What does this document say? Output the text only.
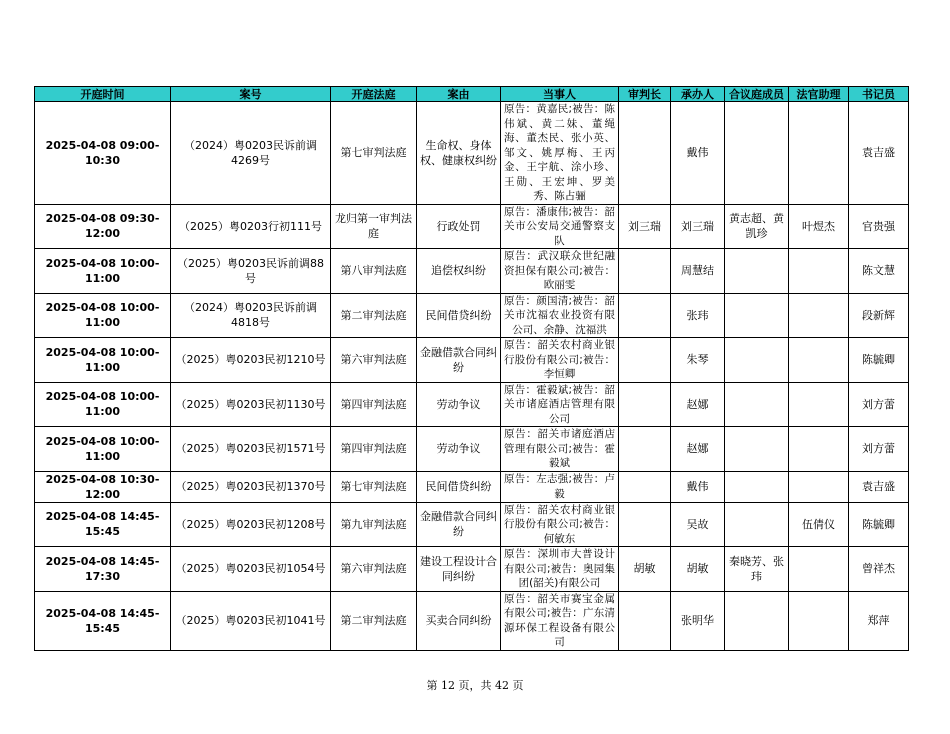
开庭时间	案号	开庭法庭	案由	当事人	审判长	承办人	合议庭成员	法官助理	书记员
2025-04-08 09:00-10:30	（2024）粤0203民诉前调4269号	第七审判法庭	生命权、身体权、健康权纠纷	原告：黄嘉民;被告：陈伟斌、黄二妹、董绳海、董杰民、张小英、邹文、姚厚梅、王丙金、王宇航、涂小珍、王勋、王宏坤、罗美秀、陈占骊		戴伟			袁吉盛
2025-04-08 09:30-12:00	（2025）粤0203行初111号	龙归第一审判法庭	行政处罚	原告：潘康伟;被告：韶关市公安局交通警察支队	刘三瑞	刘三瑞	黄志超、黄凯珍	叶煜杰	官贵强
2025-04-08 10:00-11:00	（2025）粤0203民诉前调88号	第八审判法庭	追偿权纠纷	原告：武汉联众世纪融资担保有限公司;被告：欧丽雯		周慧结			陈文慧
2025-04-08 10:00-11:00	（2024）粤0203民诉前调4818号	第二审判法庭	民间借贷纠纷	原告：颜国清;被告：韶关市沈福农业投资有限公司、余静、沈福洪		张玮			段新辉
2025-04-08 10:00-11:00	（2025）粤0203民初1210号	第六审判法庭	金融借款合同纠纷	原告：韶关农村商业银行股份有限公司;被告：李恒卿		朱琴			陈毓卿
2025-04-08 10:00-11:00	（2025）粤0203民初1130号	第四审判法庭	劳动争议	原告：霍毅斌;被告：韶关市诸庭酒店管理有限公司		赵娜			刘方蕾
2025-04-08 10:00-11:00	（2025）粤0203民初1571号	第四审判法庭	劳动争议	原告：韶关市诸庭酒店管理有限公司;被告：霍毅斌		赵娜			刘方蕾
2025-04-08 10:30-12:00	（2025）粤0203民初1370号	第七审判法庭	民间借贷纠纷	原告：左志强;被告：卢毅		戴伟			袁吉盛
2025-04-08 14:45-15:45	（2025）粤0203民初1208号	第九审判法庭	金融借款合同纠纷	原告：韶关农村商业银行股份有限公司;被告：何敏东		吴故		伍倩仪	陈毓卿
2025-04-08 14:45-17:30	（2025）粤0203民初1054号	第六审判法庭	建设工程设计合同纠纷	原告：深圳市大普设计有限公司;被告：奥园集团(韶关)有限公司	胡敏	胡敏	秦晓芳、张玮		曾祥杰
2025-04-08 14:45-15:45	（2025）粤0203民初1041号	第二审判法庭	买卖合同纠纷	原告：韶关市赛宝金属有限公司;被告：广东清源环保工程设备有限公司		张明华			郑萍
第 12 页，共 42 页
